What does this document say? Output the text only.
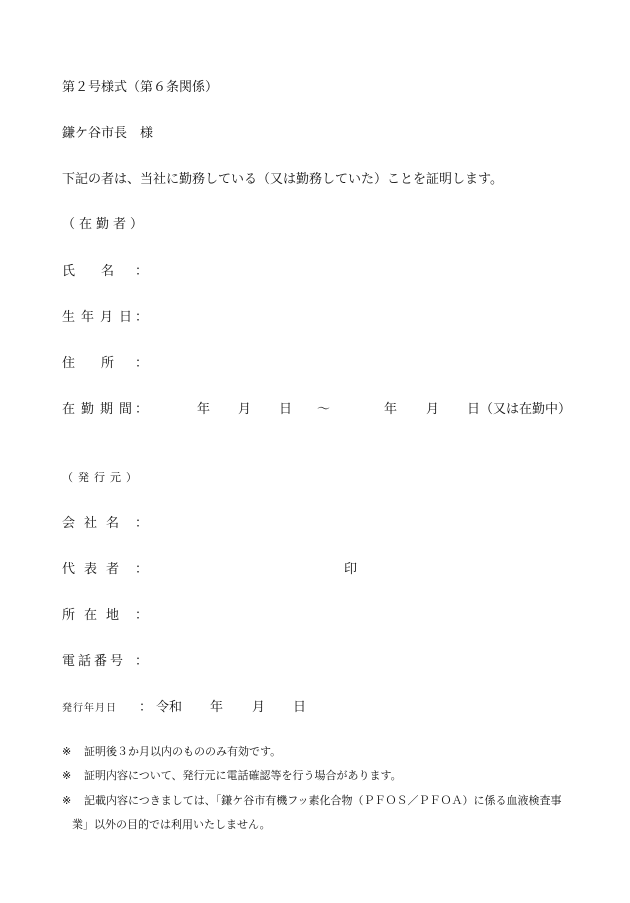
第２号様式（第６条関係）
鎌ケ谷市長　様
下記の者は、当社に勤務している（又は勤務していた）ことを証明します。
（在勤者）
氏　　名 ：
生年月日：
住　　所 ：
在勤期間：	年 月 日 ～	年 月 日（又は在勤中）
（発行元）
会社名 ：
代表者 ：	印
所在地 ：
電話番号 ：
発行年月日 ： 令和 年 月 日
※ 証明後３か月以内のもののみ有効です。
※ 証明内容について、発行元に電話確認等を行う場合があります。
※ 記載内容につきましては、「鎌ケ谷市有機フッ素化合物（ＰＦＯＳ／ＰＦＯＡ）に係る血液検査事
業」以外の目的では利用いたしません。
